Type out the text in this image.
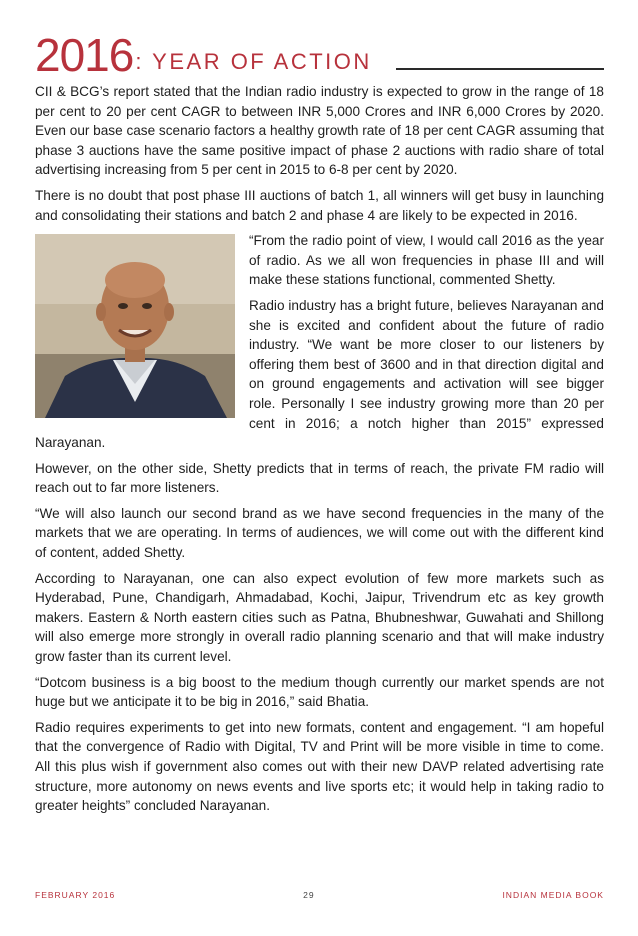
2016 : YEAR OF ACTION

CII & BCG’s report stated that the Indian radio industry is expected to grow in the range of 18 per cent to 20 per cent CAGR to between INR 5,000 Crores and INR 6,000 Crores by 2020. Even our base case scenario factors a healthy growth rate of 18 per cent CAGR assuming that phase 3 auctions have the same positive impact of phase 2 auctions with radio share of total advertising increasing from 5 per cent in 2015 to 6-8 per cent by 2020.

There is no doubt that post phase III auctions of batch 1, all winners will get busy in launching and consolidating their stations and batch 2 and phase 4 are likely to be expected in 2016.

“From the radio point of view, I would call 2016 as the year of radio. As we all won frequencies in phase III and will make these stations functional, commented Shetty.

Radio industry has a bright future, believes Narayanan and she is excited and confident about the future of radio industry. “We want be more closer to our listeners by offering them best of 3600 and in that direction digital and on ground engagements and activation will see bigger role. Personally I see industry growing more than 20 per cent in 2016; a notch higher than 2015” expressed Narayanan.

However, on the other side, Shetty predicts that in terms of reach, the private FM radio will reach out to far more listeners.

“We will also launch our second brand as we have second frequencies in the many of the markets that we are operating. In terms of audiences, we will come out with the different kind of content, added Shetty.

According to Narayanan, one can also expect evolution of few more markets such as Hyderabad, Pune, Chandigarh, Ahmadabad, Kochi, Jaipur, Trivendrum etc as key growth makers. Eastern & North eastern cities such as Patna, Bhubneshwar, Guwahati and Shillong will also emerge more strongly in overall radio planning scenario and that will make industry grow faster than its current level.

“Dotcom business is a big boost to the medium though currently our market spends are not huge but we anticipate it to be big in 2016,” said Bhatia.

Radio requires experiments to get into new formats, content and engagement. “I am hopeful that the convergence of Radio with Digital, TV and Print will be more visible in time to come. All this plus wish if government also comes out with their new DAVP related advertising rate structure, more autonomy on news events and live sports etc; it would help in taking radio to greater heights” concluded Narayanan.

FEBRUARY 2016	29	INDIAN MEDIA BOOK
